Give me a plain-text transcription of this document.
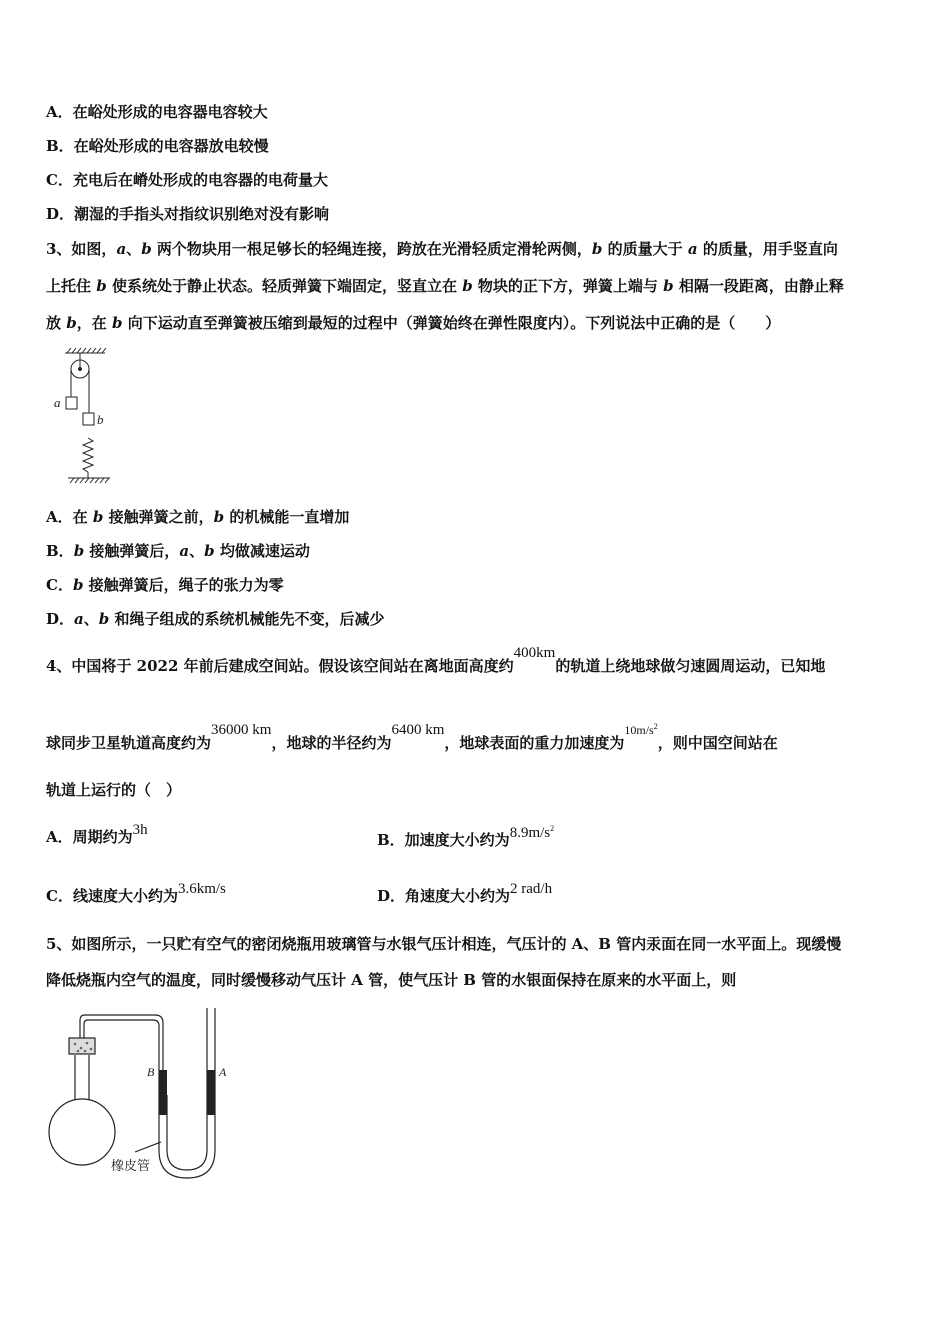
A．在峪处形成的电容器电容较大
B．在峪处形成的电容器放电较慢
C．充电后在嵴处形成的电容器的电荷量大
D．潮湿的手指头对指纹识别绝对没有影响
3、如图，a、b 两个物块用一根足够长的轻绳连接，跨放在光滑轻质定滑轮两侧，b 的质量大于 a 的质量，用手竖直向
上托住 b 使系统处于静止状态。轻质弹簧下端固定，竖直立在 b 物块的正下方，弹簧上端与 b 相隔一段距离，由静止释
放 b，在 b 向下运动直至弹簧被压缩到最短的过程中（弹簧始终在弹性限度内）。下列说法中正确的是（　　）
a
b
A．在 b 接触弹簧之前，b 的机械能一直增加
B．b 接触弹簧后，a、b 均做减速运动
C．b 接触弹簧后，绳子的张力为零
D．a、b 和绳子组成的系统机械能先不变，后减少
4、中国将于 2022 年前后建成空间站。假设该空间站在离地面高度约400km的轨道上绕地球做匀速圆周运动，已知地
球同步卫星轨道高度约为36000 km，地球的半径约为6400 km，地球表面的重力加速度为$^{10m/s^2}$，则中国空间站在
轨道上运行的（　）
A．周期约为3h
B．加速度大小约为$8.9m/s^2$
C．线速度大小约为3.6km/s	D．角速度大小约为2 rad/h
5、如图所示，一只贮有空气的密闭烧瓶用玻璃管与水银气压计相连，气压计的 A、B 管内汞面在同一水平面上。现缓慢
降低烧瓶内空气的温度，同时缓慢移动气压计 A 管，使气压计 B 管的水银面保持在原来的水平面上，则
B	A
橡皮管
